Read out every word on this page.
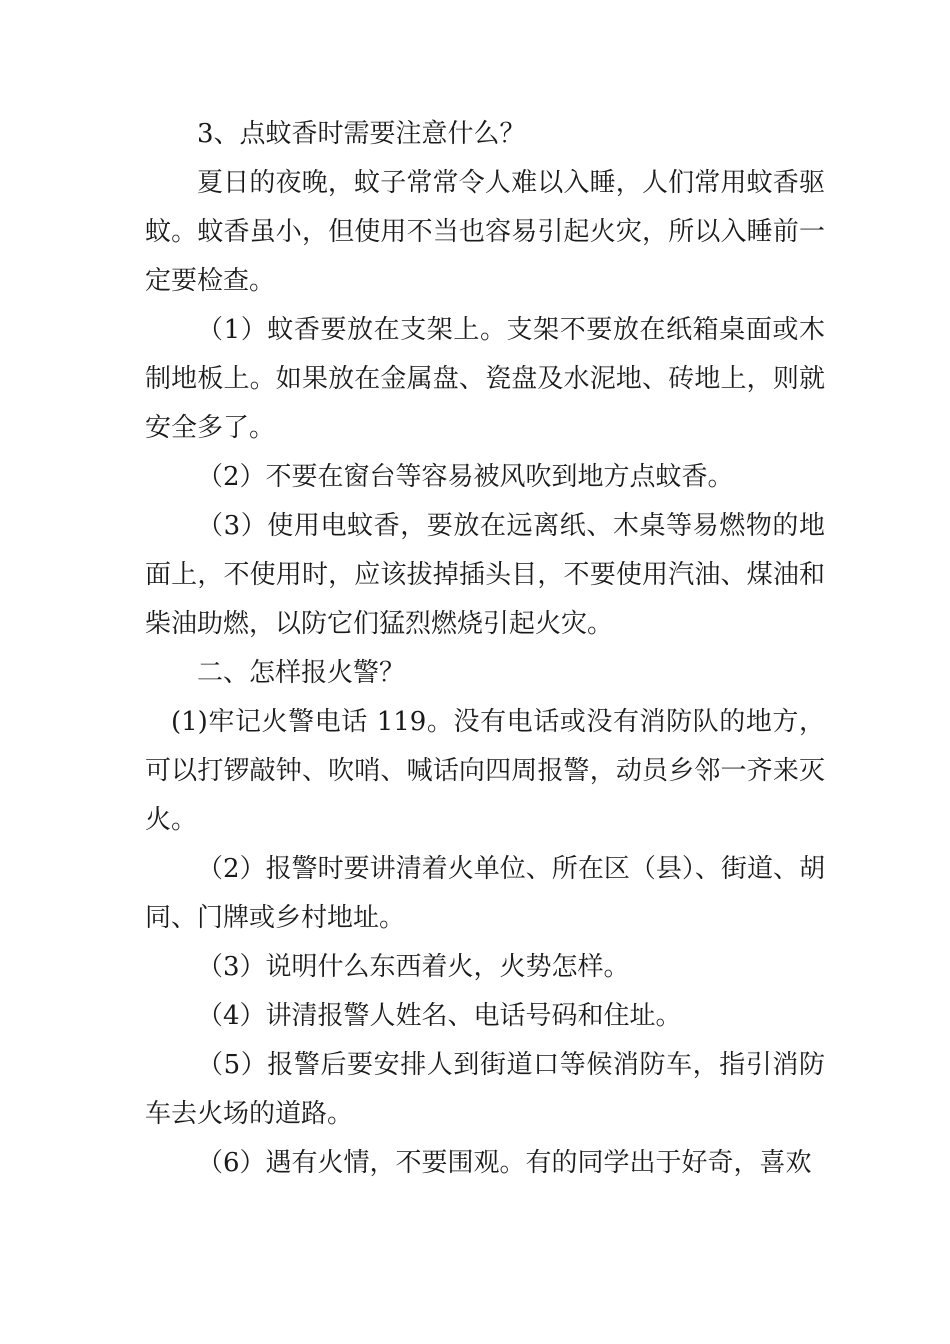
3、点蚊香时需要注意什么？

夏日的夜晚，蚊子常常令人难以入睡，人们常用蚊香驱蚊。蚊香虽小，但使用不当也容易引起火灾，所以入睡前一定要检查。

（1）蚊香要放在支架上。支架不要放在纸箱桌面或木制地板上。如果放在金属盘、瓷盘及水泥地、砖地上，则就安全多了。

（2）不要在窗台等容易被风吹到地方点蚊香。

（3）使用电蚊香，要放在远离纸、木桌等易燃物的地面上，不使用时，应该拔掉插头目，不要使用汽油、煤油和柴油助燃，以防它们猛烈燃烧引起火灾。

二、怎样报火警？

(1)牢记火警电话 119。没有电话或没有消防队的地方，可以打锣敲钟、吹哨、喊话向四周报警，动员乡邻一齐来灭火。

（2）报警时要讲清着火单位、所在区（县）、街道、胡同、门牌或乡村地址。

（3）说明什么东西着火，火势怎样。

（4）讲清报警人姓名、电话号码和住址。

（5）报警后要安排人到街道口等候消防车，指引消防车去火场的道路。

（6）遇有火情，不要围观。有的同学出于好奇，喜欢
